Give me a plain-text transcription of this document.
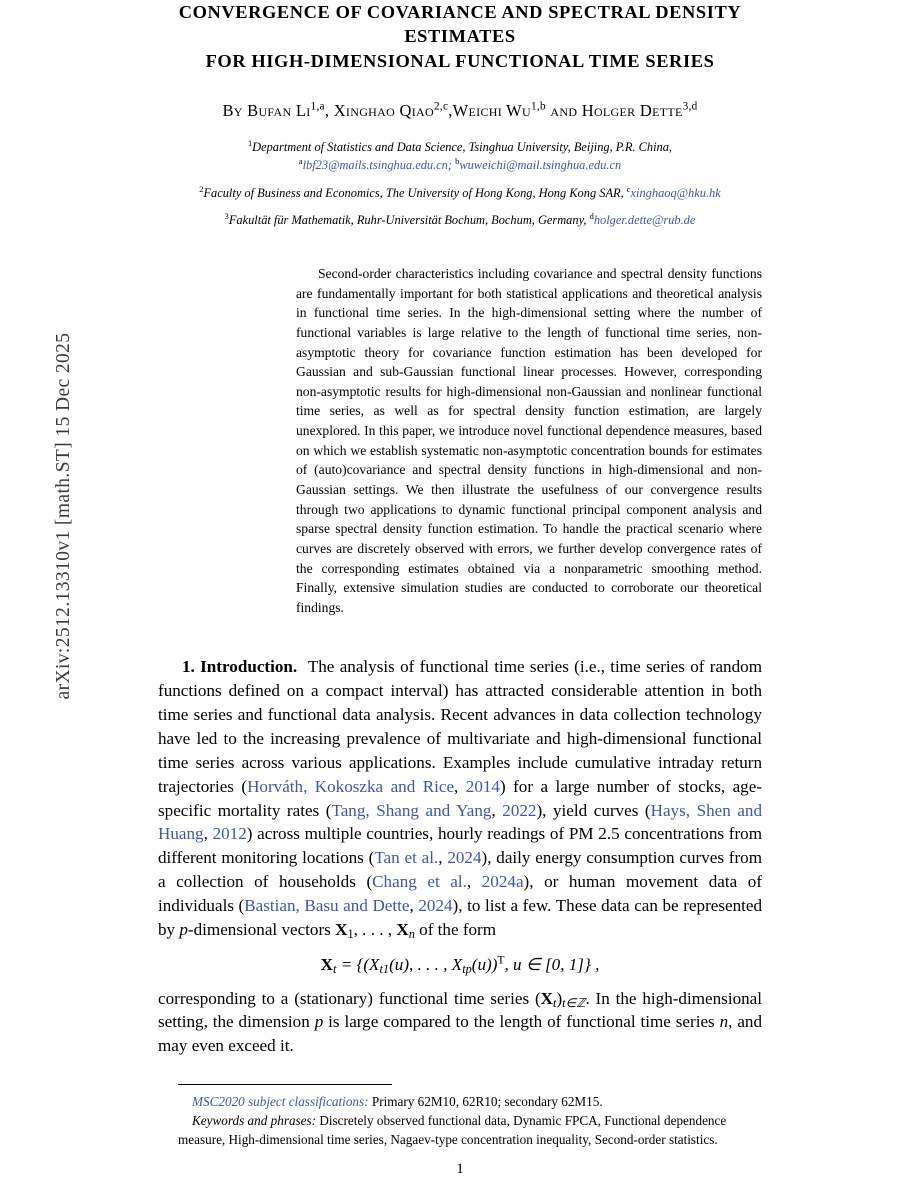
arXiv:2512.13310v1 [math.ST] 15 Dec 2025
CONVERGENCE OF COVARIANCE AND SPECTRAL DENSITY ESTIMATES
FOR HIGH-DIMENSIONAL FUNCTIONAL TIME SERIES
By Bufan Li$^{1,a}$, Xinghao Qiao$^{2,c}$,Weichi Wu$^{1,b}$ and Holger Dette$^{3,d}$
$^1$Department of Statistics and Data Science, Tsinghua University, Beijing, P.R. China,
$^a$lbf23@mails.tsinghua.edu.cn; $^b$wuweichi@mail.tsinghua.edu.cn
$^2$Faculty of Business and Economics, The University of Hong Kong, Hong Kong SAR, $^c$xinghaoq@hku.hk
$^3$Fakultät für Mathematik, Ruhr-Universität Bochum, Bochum, Germany, $^d$holger.dette@rub.de

Second-order characteristics including covariance and spectral density functions are fundamentally important for both statistical applications and theoretical analysis in functional time series. In the high-dimensional setting where the number of functional variables is large relative to the length of functional time series, non-asymptotic theory for covariance function estimation has been developed for Gaussian and sub-Gaussian functional linear processes. However, corresponding non-asymptotic results for high-dimensional non-Gaussian and nonlinear functional time series, as well as for spectral density function estimation, are largely unexplored. In this paper, we introduce novel functional dependence measures, based on which we establish systematic non-asymptotic concentration bounds for estimates of (auto)covariance and spectral density functions in high-dimensional and non-Gaussian settings. We then illustrate the usefulness of our convergence results through two applications to dynamic functional principal component analysis and sparse spectral density function estimation. To handle the practical scenario where curves are discretely observed with errors, we further develop convergence rates of the corresponding estimates obtained via a nonparametric smoothing method. Finally, extensive simulation studies are conducted to corroborate our theoretical findings.

1. Introduction. The analysis of functional time series (i.e., time series of random functions defined on a compact interval) has attracted considerable attention in both time series and functional data analysis. Recent advances in data collection technology have led to the increasing prevalence of multivariate and high-dimensional functional time series across various applications. Examples include cumulative intraday return trajectories (Horváth, Kokoszka and Rice, 2014) for a large number of stocks, age-specific mortality rates (Tang, Shang and Yang, 2022), yield curves (Hays, Shen and Huang, 2012) across multiple countries, hourly readings of PM 2.5 concentrations from different monitoring locations (Tan et al., 2024), daily energy consumption curves from a collection of households (Chang et al., 2024a), or human movement data of individuals (Bastian, Basu and Dette, 2024), to list a few. These data can be represented by p-dimensional vectors X1, . . . , $X_n$ of the form

$X_t = \{(X_{t1}(u)$, . . . , $X_{tp}(u))^T$, u ∈ [0, 1]} ,

corresponding to a (stationary) functional time series $(X_t)_{t\in ℤ}$. In the high-dimensional setting, the dimension p is large compared to the length of functional time series n, and may even exceed it.

MSC2020 subject classifications: Primary 62M10, 62R10; secondary 62M15.
Keywords and phrases: Discretely observed functional data, Dynamic FPCA, Functional dependence measure, High-dimensional time series, Nagaev-type concentration inequality, Second-order statistics.
1
